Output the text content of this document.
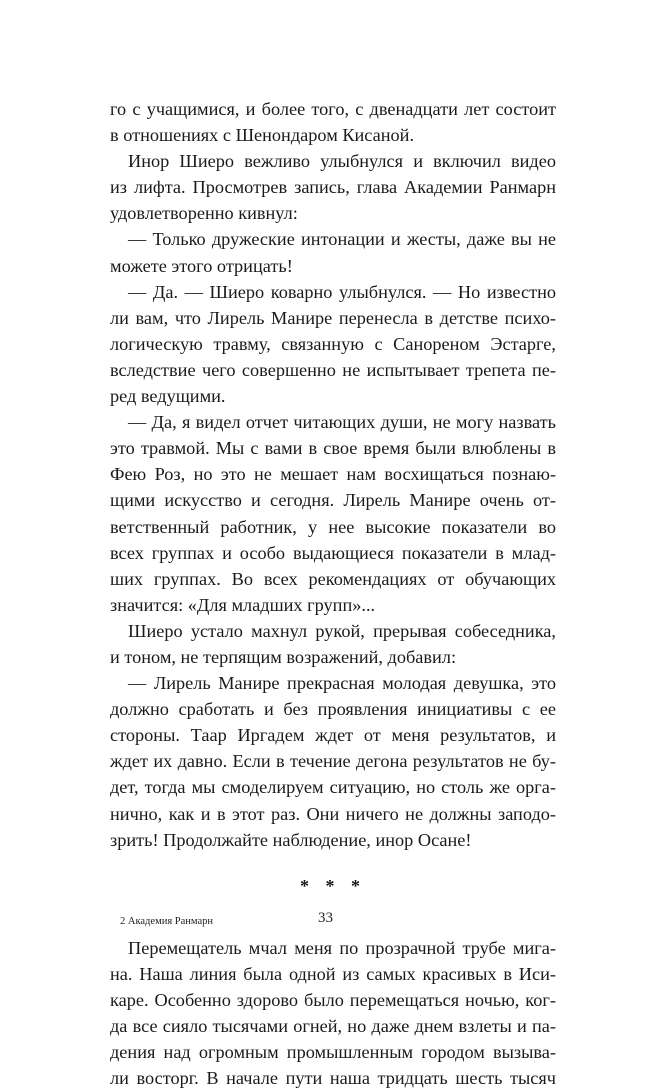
го с учащимися, и более того, с двенадцати лет состоит
в отношениях с Шенондаром Кисаной.
Инор Шиеро вежливо улыбнулся и включил видео
из лифта. Просмотрев запись, глава Академии Ранмарн
удовлетворенно кивнул:
— Только дружеские интонации и жесты, даже вы не
можете этого отрицать!
— Да. — Шиеро коварно улыбнулся. — Но известно
ли вам, что Лирель Манире перенесла в детстве психо-
логическую травму, связанную с Санореном Эстарге,
вследствие чего совершенно не испытывает трепета пе-
ред ведущими.
— Да, я видел отчет читающих души, не могу назвать
это травмой. Мы с вами в свое время были влюблены в
Фею Роз, но это не мешает нам восхищаться познаю-
щими искусство и сегодня. Лирель Манире очень от-
ветственный работник, у нее высокие показатели во
всех группах и особо выдающиеся показатели в млад-
ших группах. Во всех рекомендациях от обучающих
значится: «Для младших групп»...
Шиеро устало махнул рукой, прерывая собеседника,
и тоном, не терпящим возражений, добавил:
— Лирель Манире прекрасная молодая девушка, это
должно сработать и без проявления инициативы с ее
стороны. Таар Иргадем ждет от меня результатов, и
ждет их давно. Если в течение дегона результатов не бу-
дет, тогда мы смоделируем ситуацию, но столь же орга-
нично, как и в этот раз. Они ничего не должны заподо-
зрить! Продолжайте наблюдение, инор Осане!
* * *
Перемещатель мчал меня по прозрачной трубе мига-
на. Наша линия была одной из самых красивых в Иси-
каре. Особенно здорово было перемещаться ночью, ког-
да все сияло тысячами огней, но даже днем взлеты и па-
дения над огромным промышленным городом вызыва-
ли восторг. В начале пути наша тридцать шесть тысяч
2 Академия Ранмарн	33
